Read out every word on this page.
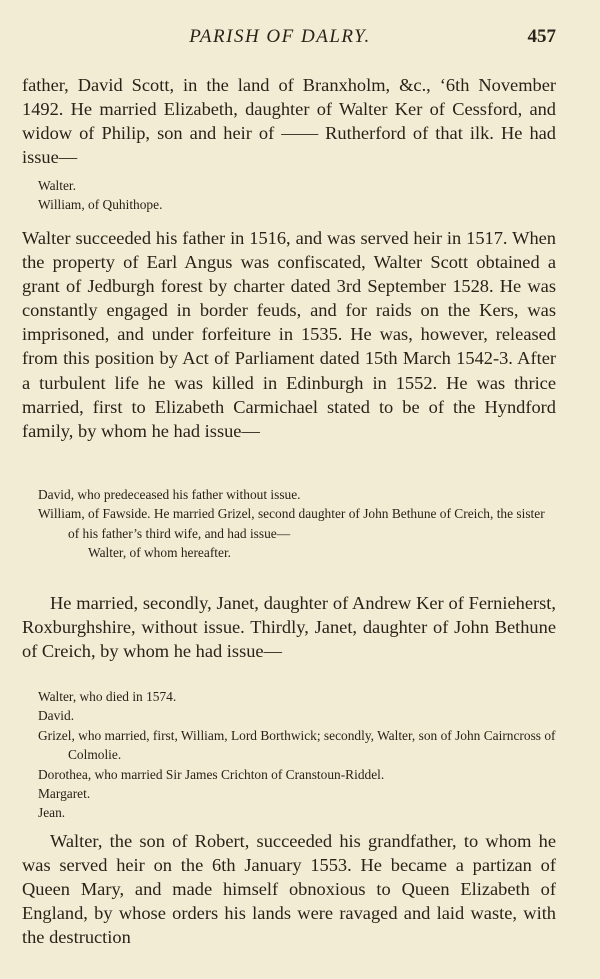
PARISH OF DALRY.	457

father, David Scott, in the land of Branxholm, &c., ‘6th November 1492. He married Elizabeth, daughter of Walter Ker of Cessford, and widow of Philip, son and heir of —— Rutherford of that ilk. He had issue—

Walter.
William, of Quhithope.

Walter succeeded his father in 1516, and was served heir in 1517. When the property of Earl Angus was confiscated, Walter Scott obtained a grant of Jedburgh forest by charter dated 3rd September 1528. He was constantly engaged in border feuds, and for raids on the Kers, was imprisoned, and under forfeiture in 1535. He was, however, released from this position by Act of Parliament dated 15th March 1542-3. After a turbulent life he was killed in Edinburgh in 1552. He was thrice married, first to Elizabeth Carmichael stated to be of the Hyndford family, by whom he had issue—

David, who predeceased his father without issue.
William, of Fawside. He married Grizel, second daughter of John Bethune of Creich, the sister of his father’s third wife, and had issue—
Walter, of whom hereafter.

He married, secondly, Janet, daughter of Andrew Ker of Fernieherst, Roxburghshire, without issue. Thirdly, Janet, daughter of John Bethune of Creich, by whom he had issue—

Walter, who died in 1574.
David.
Grizel, who married, first, William, Lord Borthwick; secondly, Walter, son of John Cairncross of Colmolie.
Dorothea, who married Sir James Crichton of Cranstoun-Riddel.
Margaret.
Jean.

Walter, the son of Robert, succeeded his grandfather, to whom he was served heir on the 6th January 1553. He became a partizan of Queen Mary, and made himself obnoxious to Queen Elizabeth of England, by whose orders his lands were ravaged and laid waste, with the destruction
